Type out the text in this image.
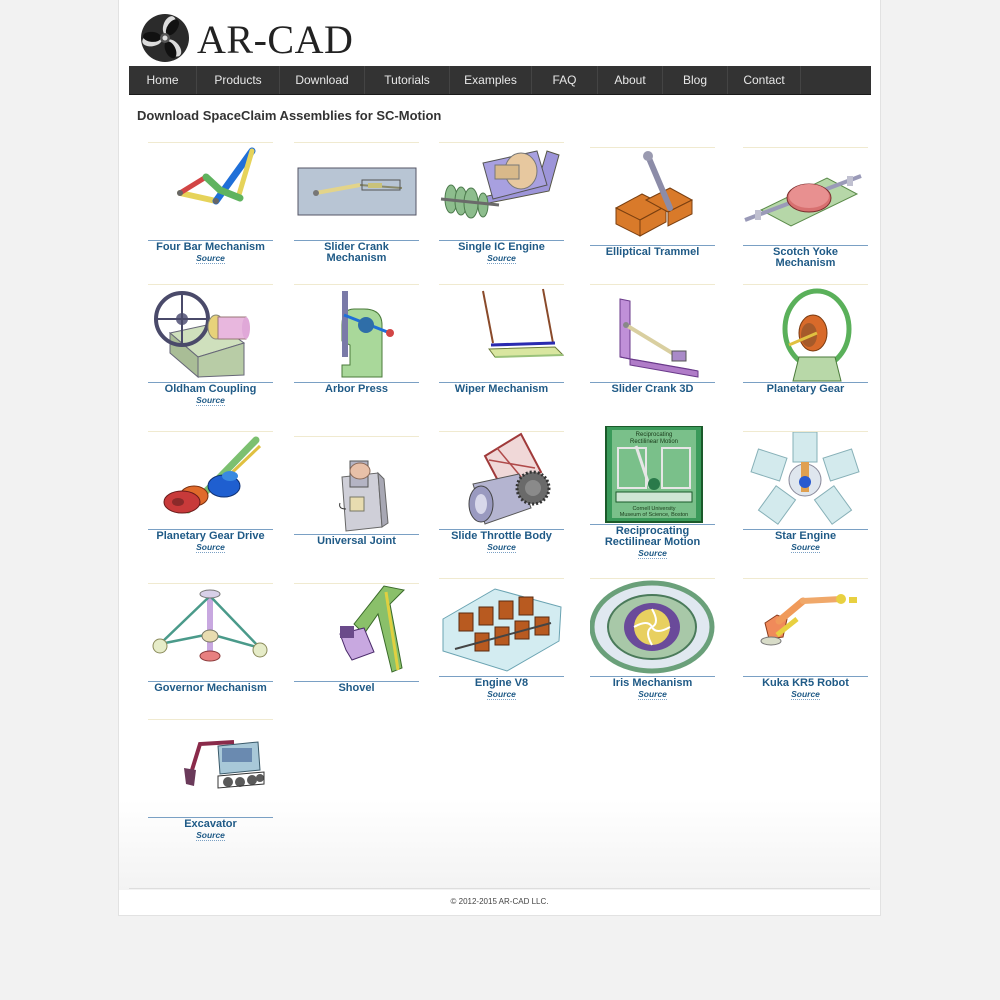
AR-CAD
Home	Products	Download	Tutorials	Examples	FAQ	About	Blog	Contact
Download SpaceClaim Assemblies for SC-Motion
Four Bar Mechanism
Source
Slider Crank Mechanism
Single IC Engine
Source	Elliptical Trammel	Scotch Yoke Mechanism
Oldham Coupling
Source
Arbor Press	Wiper Mechanism	Slider Crank 3D	Planetary Gear
Planetary Gear Drive
Source	Universal Joint	Slide Throttle Body
Source
Reciprocating
Rectilinear Motion
Cornell University
Museum of Science, Boston
Reciprocating Rectilinear Motion
Source
Star Engine
Source
Governor Mechanism	Shovel	Engine V8
Source
Iris Mechanism
Source
Kuka KR5 Robot
Source
Excavator
Source
© 2012-2015 AR-CAD LLC.
